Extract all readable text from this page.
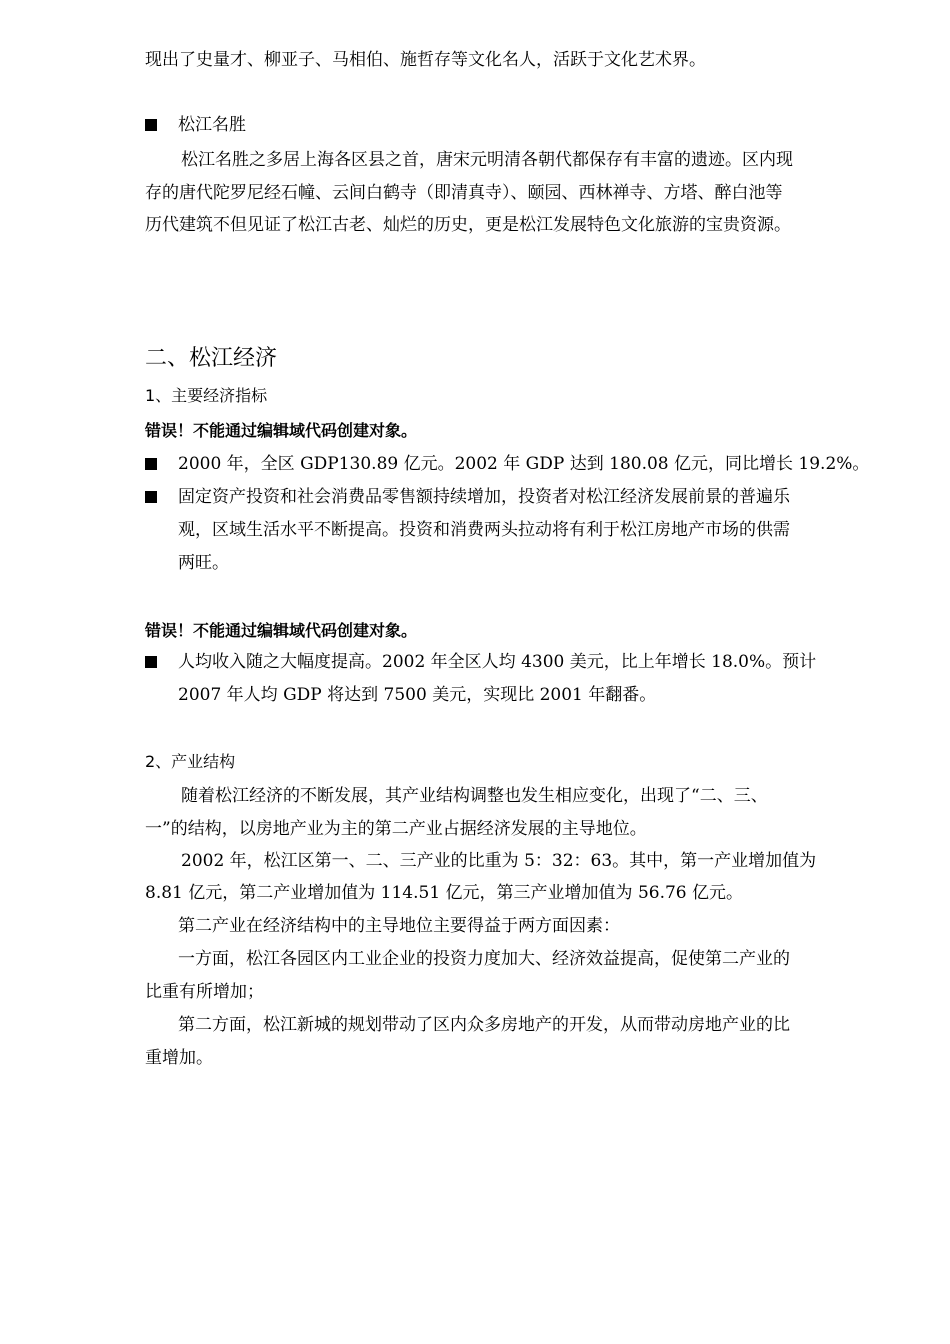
现出了史量才、柳亚子、马相伯、施哲存等文化名人，活跃于文化艺术界。
松江名胜
松江名胜之多居上海各区县之首，唐宋元明清各朝代都保存有丰富的遗迹。区内现
存的唐代陀罗尼经石幢、云间白鹤寺（即清真寺）、颐园、西林禅寺、方塔、醉白池等
历代建筑不但见证了松江古老、灿烂的历史，更是松江发展特色文化旅游的宝贵资源。
二、松江经济
1、主要经济指标
错误！不能通过编辑域代码创建对象。
2000 年，全区 GDP130.89 亿元。2002 年 GDP 达到 180.08 亿元，同比增长 19.2%。
固定资产投资和社会消费品零售额持续增加，投资者对松江经济发展前景的普遍乐
观，区域生活水平不断提高。投资和消费两头拉动将有利于松江房地产市场的供需
两旺。
错误！不能通过编辑域代码创建对象。
人均收入随之大幅度提高。2002 年全区人均 4300 美元，比上年增长 18.0%。预计
2007 年人均 GDP 将达到 7500 美元，实现比 2001 年翻番。
2、产业结构
随着松江经济的不断发展，其产业结构调整也发生相应变化，出现了“二、三、
一”的结构，以房地产业为主的第二产业占据经济发展的主导地位。
2002 年，松江区第一、二、三产业的比重为 5：32：63。其中，第一产业增加值为
8.81 亿元，第二产业增加值为 114.51 亿元，第三产业增加值为 56.76 亿元。
第二产业在经济结构中的主导地位主要得益于两方面因素：
一方面，松江各园区内工业企业的投资力度加大、经济效益提高，促使第二产业的
比重有所增加；
第二方面，松江新城的规划带动了区内众多房地产的开发，从而带动房地产业的比
重增加。
